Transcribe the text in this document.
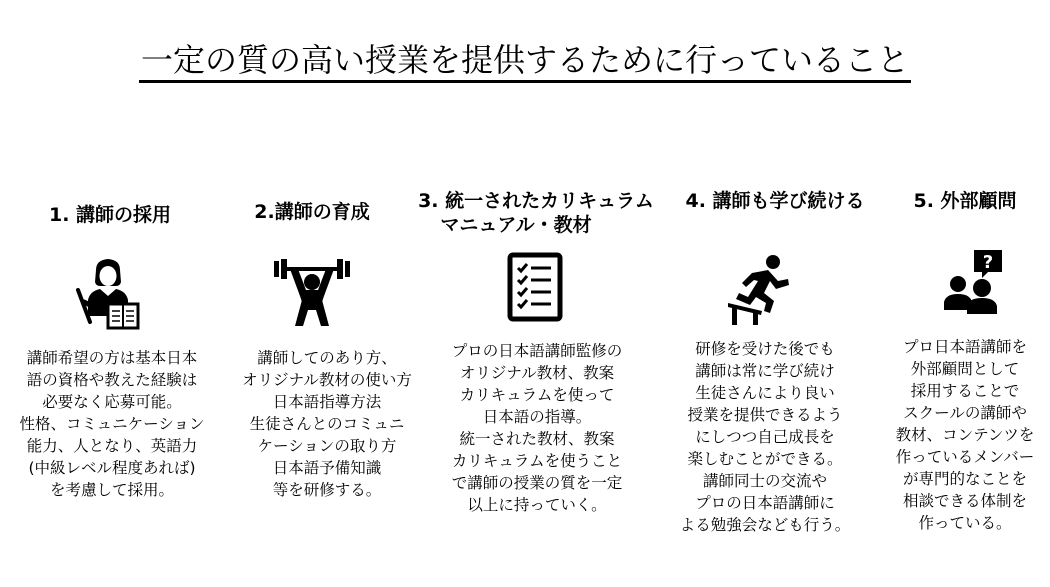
一定の質の高い授業を提供するために行っていること
1. 講師の採用
講師希望の方は基本日本
語の資格や教えた経験は
必要なく応募可能。
性格、コミュニケーション
能力、人となり、英語力
(中級レベル程度あれば)
を考慮して採用。
2.講師の育成
講師してのあり方、
オリジナル教材の使い方
日本語指導方法
生徒さんとのコミュニ
ケーションの取り方
日本語予備知識
等を研修する。
3. 統一されたカリキュラム
マニュアル・教材
プロの日本語講師監修の
オリジナル教材、教案
カリキュラムを使って
日本語の指導。
統一された教材、教案
カリキュラムを使うこと
で講師の授業の質を一定
以上に持っていく。
4. 講師も学び続ける
研修を受けた後でも
講師は常に学び続け
生徒さんにより良い
授業を提供できるよう
にしつつ自己成長を
楽しむことができる。
講師同士の交流や
プロの日本語講師に
よる勉強会なども行う。
5. 外部顧問
?
プロ日本語講師を
外部顧問として
採用することで
スクールの講師や
教材、コンテンツを
作っているメンバー
が専門的なことを
相談できる体制を
作っている。
